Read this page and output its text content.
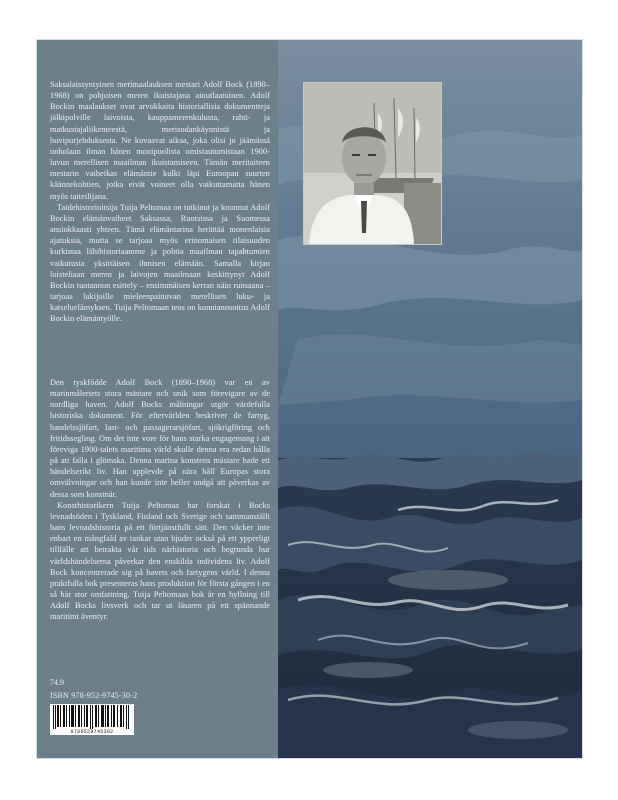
Saksalaissyntyinen merimaalauksen mestari Adolf Bock (1890–1968) on pohjoisen meren ikuistajana ainutlaatuinen. Adolf Bockin maalaukset ovat arvokkaita historiallisia dokumentteja jälkipolville laivoista, kauppamerenkulusta, rahti- ja matkustajaliikenteestä, merisodankäynnistä ja huvipurjehduksesta. Ne kuvaavat aikaa, joka olisi jo jäämässä unholaan ilman hänen monipuolista omistautumistaan 1900-luvun merellisen maailman ikuistamiseen. Tämän meritaiteen mestarin vaiheikas elämäntie kulki läpi Euroopan suurten käännekohtien, jotka eivät voineet olla vaikuttamatta hänen myös taiteilijana.

Taidehistorioitsija Tuija Peltomaa on tutkinut ja koonnut Adolf Bockin elämänvaiheet Saksassa, Ruotsissa ja Suomessa ansiokkaasti yhteen. Tämä elämäntarina herättää monenlaisia ajatuksia, mutta se tarjoaa myös erinomaisen tilaisuuden kurkistaa lähihistoriaamme ja pohtia maailman tapahtumien vaikutusta yksittäisen ihmisen elämään. Samalla kirjan loisteliaan meren ja laivojen maailmaan keskittynyt Adolf Bockin tuotannon esittely – ensimmäisen kerran näin runsaana – tarjoaa lukijoille mieleenpainuvan merellisen luku- ja katseluelämyksen. Tuija Peltomaan teos on kunnianosoitus Adolf Bockin elämäntyölle.

Den tyskfödde Adolf Bock (1890–1968) var en av marinmåleriets stora mästare och unik som förevigare av de nordliga haven. Adolf Bocks målningar utgör värdefulla historiska dokument. För eftervärlden beskriver de fartyg, handelssjöfart, last- och passagerarsjöfart, sjökrigföring och fritidssegling. Om det inte vore för hans starka engagemang i att föreviga 1900-talets maritima värld skulle denna era redan hålla på att falla i glömska. Denna marina konstens mästare hade ett händelserikt liv. Han upplevde på nära håll Europas stora omvälvningar och han kunde inte heller undgå att påverkas av dessa som konstnär.

Konsthistorikern Tuija Peltomaa har forskat i Bocks levnadsöden i Tyskland, Finland och Sverige och sammanställt hans levnadshistoria på ett förtjänstfullt sätt. Den väcker inte enbart en mångfald av tankar utan bjuder också på ett ypperligt tillfälle att betrakta vår tids närhistoria och begrunda hur världshändelserna påverkar den enskilda individens liv. Adolf Bock koncentrerade sig på havets och fartygens värld. I denna praktfulla bok presenteras hans produktion för första gången i en så här stor omfattning. Tuija Peltomaas bok är en hyllning till Adolf Bocks livsverk och tar ut läsaren på ett spännande maritimt äventyr.

74.9
ISBN 978-952-9745-30-2
9789529745302
